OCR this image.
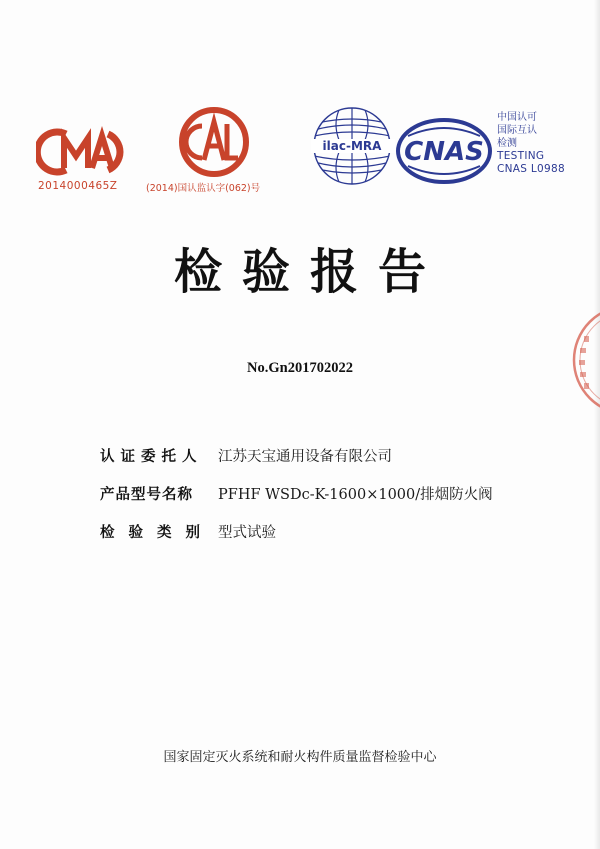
2014000465Z	(2014)国认监认字(062)号
ilac-MRA CNAS
中国认可
国际互认
检测
TESTING
CNAS L0988
检验报告
No.Gn201702022
认证委托人 江苏天宝通用设备有限公司
产品型号名称 PFHF WSDc-K-1600×1000/排烟防火阀
检验类别 型式试验
国家固定灭火系统和耐火构件质量监督检验中心
